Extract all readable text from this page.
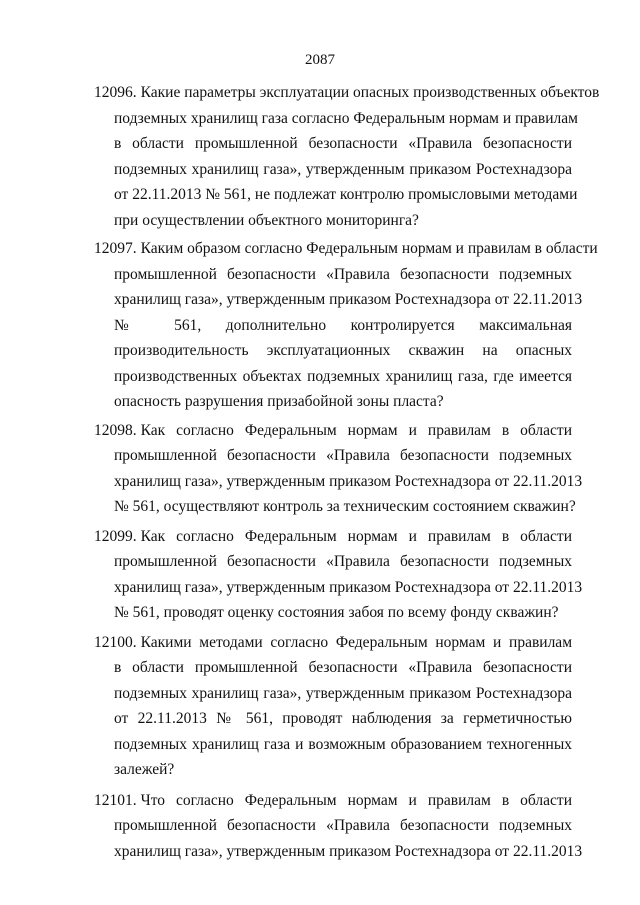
2087
12096. Какие параметры эксплуатации опасных производственных объектов
подземных хранилищ газа согласно Федеральным нормам и правилам
в области промышленной безопасности «Правила безопасности
подземных хранилищ газа», утвержденным приказом Ростехнадзора
от 22.11.2013 № 561, не подлежат контролю промысловыми методами
при осуществлении объектного мониторинга?
12097. Каким образом согласно Федеральным нормам и правилам в области
промышленной безопасности «Правила безопасности подземных
хранилищ газа», утвержденным приказом Ростехнадзора от 22.11.2013
№ 561, дополнительно контролируется максимальная
производительность эксплуатационных скважин на опасных
производственных объектах подземных хранилищ газа, где имеется
опасность разрушения призабойной зоны пласта?
12098. Как согласно Федеральным нормам и правилам в области
промышленной безопасности «Правила безопасности подземных
хранилищ газа», утвержденным приказом Ростехнадзора от 22.11.2013
№ 561, осуществляют контроль за техническим состоянием скважин?
12099. Как согласно Федеральным нормам и правилам в области
промышленной безопасности «Правила безопасности подземных
хранилищ газа», утвержденным приказом Ростехнадзора от 22.11.2013
№ 561, проводят оценку состояния забоя по всему фонду скважин?
12100. Какими методами согласно Федеральным нормам и правилам
в области промышленной безопасности «Правила безопасности
подземных хранилищ газа», утвержденным приказом Ростехнадзора
от 22.11.2013 № 561, проводят наблюдения за герметичностью
подземных хранилищ газа и возможным образованием техногенных
залежей?
12101. Что согласно Федеральным нормам и правилам в области
промышленной безопасности «Правила безопасности подземных
хранилищ газа», утвержденным приказом Ростехнадзора от 22.11.2013
